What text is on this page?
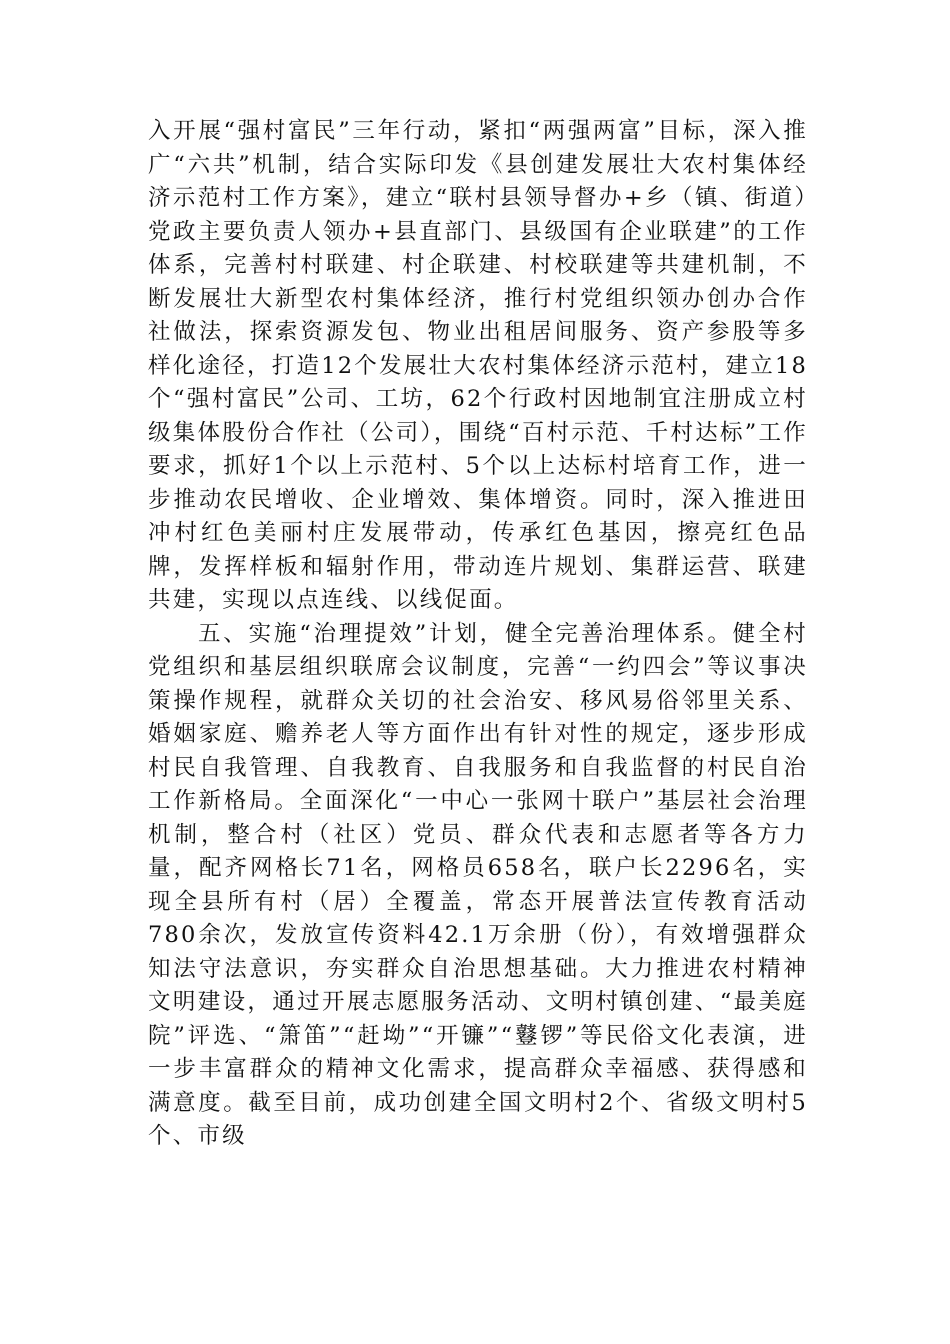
入开展“强村富民”三年行动，紧扣“两强两富”目标，深入推广“六共”机制，结合实际印发《县创建发展壮大农村集体经济示范村工作方案》，建立“联村县领导督办+乡（镇、街道）党政主要负责人领办+县直部门、县级国有企业联建”的工作体系，完善村村联建、村企联建、村校联建等共建机制，不断发展壮大新型农村集体经济，推行村党组织领办创办合作社做法，探索资源发包、物业出租居间服务、资产参股等多样化途径，打造12个发展壮大农村集体经济示范村，建立18个“强村富民”公司、工坊，62个行政村因地制宜注册成立村级集体股份合作社（公司），围绕“百村示范、千村达标”工作要求，抓好1个以上示范村、5个以上达标村培育工作，进一步推动农民增收、企业增效、集体增资。同时，深入推进田冲村红色美丽村庄发展带动，传承红色基因，擦亮红色品牌，发挥样板和辐射作用，带动连片规划、集群运营、联建共建，实现以点连线、以线促面。

五、实施“治理提效”计划，健全完善治理体系。健全村党组织和基层组织联席会议制度，完善“一约四会”等议事决策操作规程，就群众关切的社会治安、移风易俗邻里关系、婚姻家庭、赡养老人等方面作出有针对性的规定，逐步形成村民自我管理、自我教育、自我服务和自我监督的村民自治工作新格局。全面深化“一中心一张网十联户”基层社会治理机制，整合村（社区）党员、群众代表和志愿者等各方力量，配齐网格长71名，网格员658名，联户长2296名，实现全县所有村（居）全覆盖，常态开展普法宣传教育活动780余次，发放宣传资料42.1万余册（份），有效增强群众知法守法意识，夯实群众自治思想基础。大力推进农村精神文明建设，通过开展志愿服务活动、文明村镇创建、“最美庭院”评选、“箫笛”“赶坳”“开镰”“鼟锣”等民俗文化表演，进一步丰富群众的精神文化需求，提高群众幸福感、获得感和满意度。截至目前，成功创建全国文明村2个、省级文明村5个、市级
